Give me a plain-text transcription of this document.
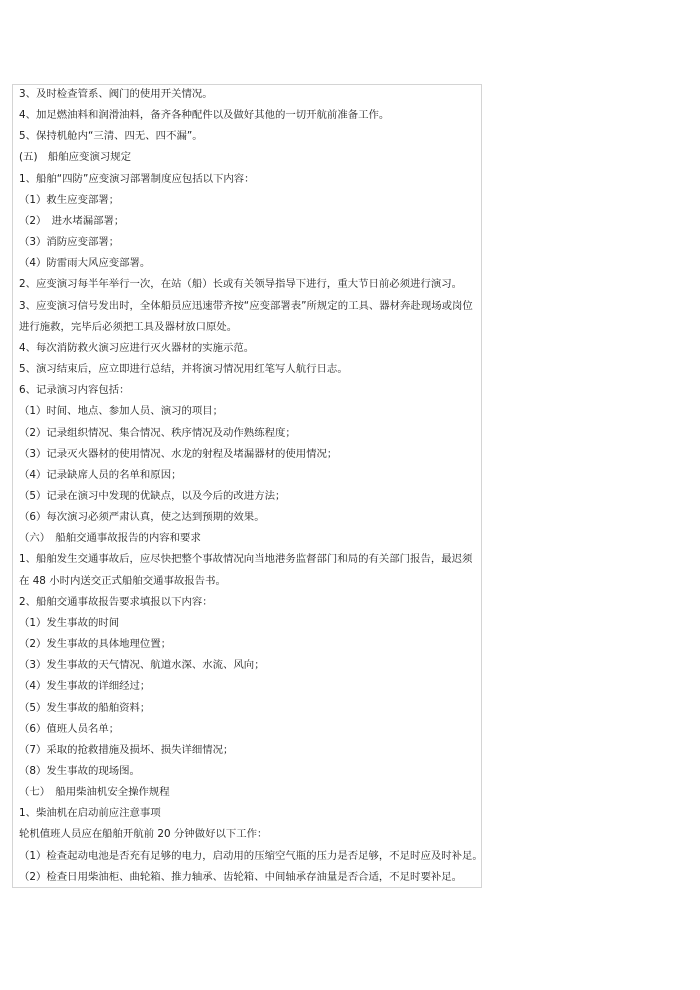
3、及时检查管系、阀门的使用开关情况。

4、加足燃油料和润滑油料，备齐各种配件以及做好其他的一切开航前准备工作。

5、保持机舱内“三清、四无、四不漏”。

(五)　船舶应变演习规定

1、船舶“四防”应变演习部署制度应包括以下内容：

（1）救生应变部署；

（2）　进水堵漏部署；

（3）消防应变部署；

（4）防雷雨大风应变部署。

2、应变演习每半年举行一次，在站（船）长或有关领导指导下进行，重大节日前必须进行演习。

3、应变演习信号发出时，全体船员应迅速带齐按“应变部署表”所规定的工具、器材奔赴现场或岗位

进行施救，完毕后必须把工具及器材放口原处。

4、每次消防救火演习应进行灭火器材的实施示范。

5、演习结束后，应立即进行总结，并将演习情况用红笔写人航行日志。

6、记录演习内容包括：

（1）时间、地点、参加人员、演习的项目；

（2）记录组织情况、集合情况、秩序情况及动作熟练程度；

（3）记录灭火器材的使用情况、水龙的射程及堵漏器材的使用情况；

（4）记录缺席人员的名单和原因；

（5）记录在演习中发现的优缺点，以及今后的改进方法；

（6）每次演习必须严肃认真，使之达到预期的效果。

（六）　船舶交通事故报告的内容和要求

1、船舶发生交通事故后，应尽快把整个事故情况向当地港务监督部门和局的有关部门报告，最迟须

在 48 小时内送交正式船舶交通事故报告书。

2、船舶交通事故报告要求填报以下内容：

（1）发生事故的时间

（2）发生事故的具体地理位置；

（3）发生事故的天气情况、航道水深、水流、风向；

（4）发生事故的详细经过；

（5）发生事故的船舶资料；

（6）值班人员名单；

（7）采取的抢救措施及损坏、损失详细情况；

（8）发生事故的现场图。

（七）　船用柴油机安全操作规程

1、柴油机在启动前应注意事项

轮机值班人员应在船舶开航前 20 分钟做好以下工作：

（1）检查起动电池是否充有足够的电力，启动用的压缩空气瓶的压力是否足够，不足时应及时补足。

（2）检查日用柴油柜、曲轮箱、推力轴承、齿轮箱、中间轴承存油量是否合适，不足时要补足。
